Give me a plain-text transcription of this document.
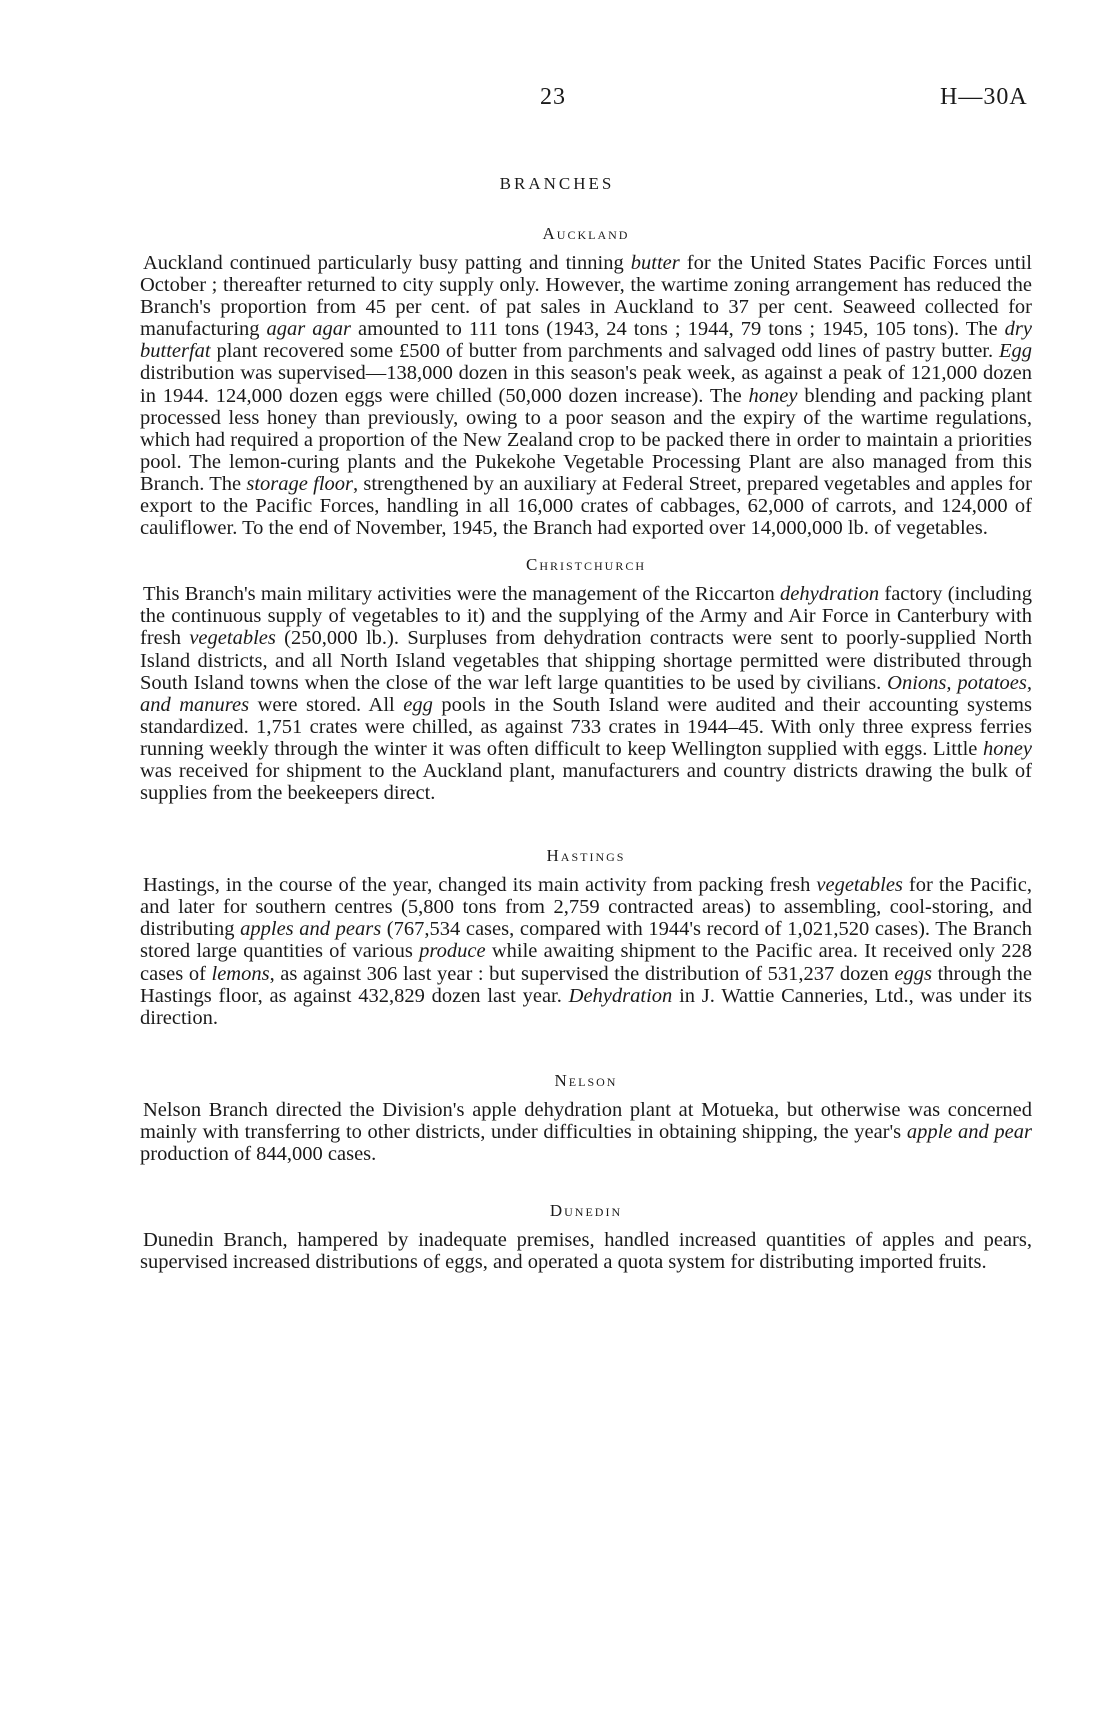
23	H—30A
BRANCHES
Auckland

Auckland continued particularly busy patting and tinning butter for the United States Pacific Forces until October ; thereafter returned to city supply only. However, the wartime zoning arrangement has reduced the Branch's proportion from 45 per cent. of pat sales in Auckland to 37 per cent. Seaweed collected for manufacturing agar agar amounted to 111 tons (1943, 24 tons ; 1944, 79 tons ; 1945, 105 tons). The dry butterfat plant recovered some £500 of butter from parchments and salvaged odd lines of pastry butter. Egg distribution was supervised—138,000 dozen in this season's peak week, as against a peak of 121,000 dozen in 1944. 124,000 dozen eggs were chilled (50,000 dozen increase). The honey blending and packing plant processed less honey than previously, owing to a poor season and the expiry of the wartime regulations, which had required a proportion of the New Zealand crop to be packed there in order to maintain a priorities pool. The lemon-curing plants and the Pukekohe Vegetable Processing Plant are also managed from this Branch. The storage floor, strengthened by an auxiliary at Federal Street, prepared vegetables and apples for export to the Pacific Forces, handling in all 16,000 crates of cabbages, 62,000 of carrots, and 124,000 of cauliflower. To the end of November, 1945, the Branch had exported over 14,000,000 lb. of vegetables.

Christchurch

This Branch's main military activities were the management of the Riccarton dehydration factory (including the continuous supply of vegetables to it) and the supplying of the Army and Air Force in Canterbury with fresh vegetables (250,000 lb.). Surpluses from dehydration contracts were sent to poorly-supplied North Island districts, and all North Island vegetables that shipping shortage permitted were distributed through South Island towns when the close of the war left large quantities to be used by civilians. Onions, potatoes, and manures were stored. All egg pools in the South Island were audited and their accounting systems standardized. 1,751 crates were chilled, as against 733 crates in 1944–45. With only three express ferries running weekly through the winter it was often difficult to keep Wellington supplied with eggs. Little honey was received for shipment to the Auckland plant, manufacturers and country districts drawing the bulk of supplies from the beekeepers direct.

Hastings

Hastings, in the course of the year, changed its main activity from packing fresh vegetables for the Pacific, and later for southern centres (5,800 tons from 2,759 contracted areas) to assembling, cool-storing, and distributing apples and pears (767,534 cases, compared with 1944's record of 1,021,520 cases). The Branch stored large quantities of various produce while awaiting shipment to the Pacific area. It received only 228 cases of lemons, as against 306 last year : but supervised the distribution of 531,237 dozen eggs through the Hastings floor, as against 432,829 dozen last year. Dehydration in J. Wattie Canneries, Ltd., was under its direction.

Nelson

Nelson Branch directed the Division's apple dehydration plant at Motueka, but otherwise was concerned mainly with transferring to other districts, under difficulties in obtaining shipping, the year's apple and pear production of 844,000 cases.

Dunedin

Dunedin Branch, hampered by inadequate premises, handled increased quantities of apples and pears, supervised increased distributions of eggs, and operated a quota system for distributing imported fruits.
